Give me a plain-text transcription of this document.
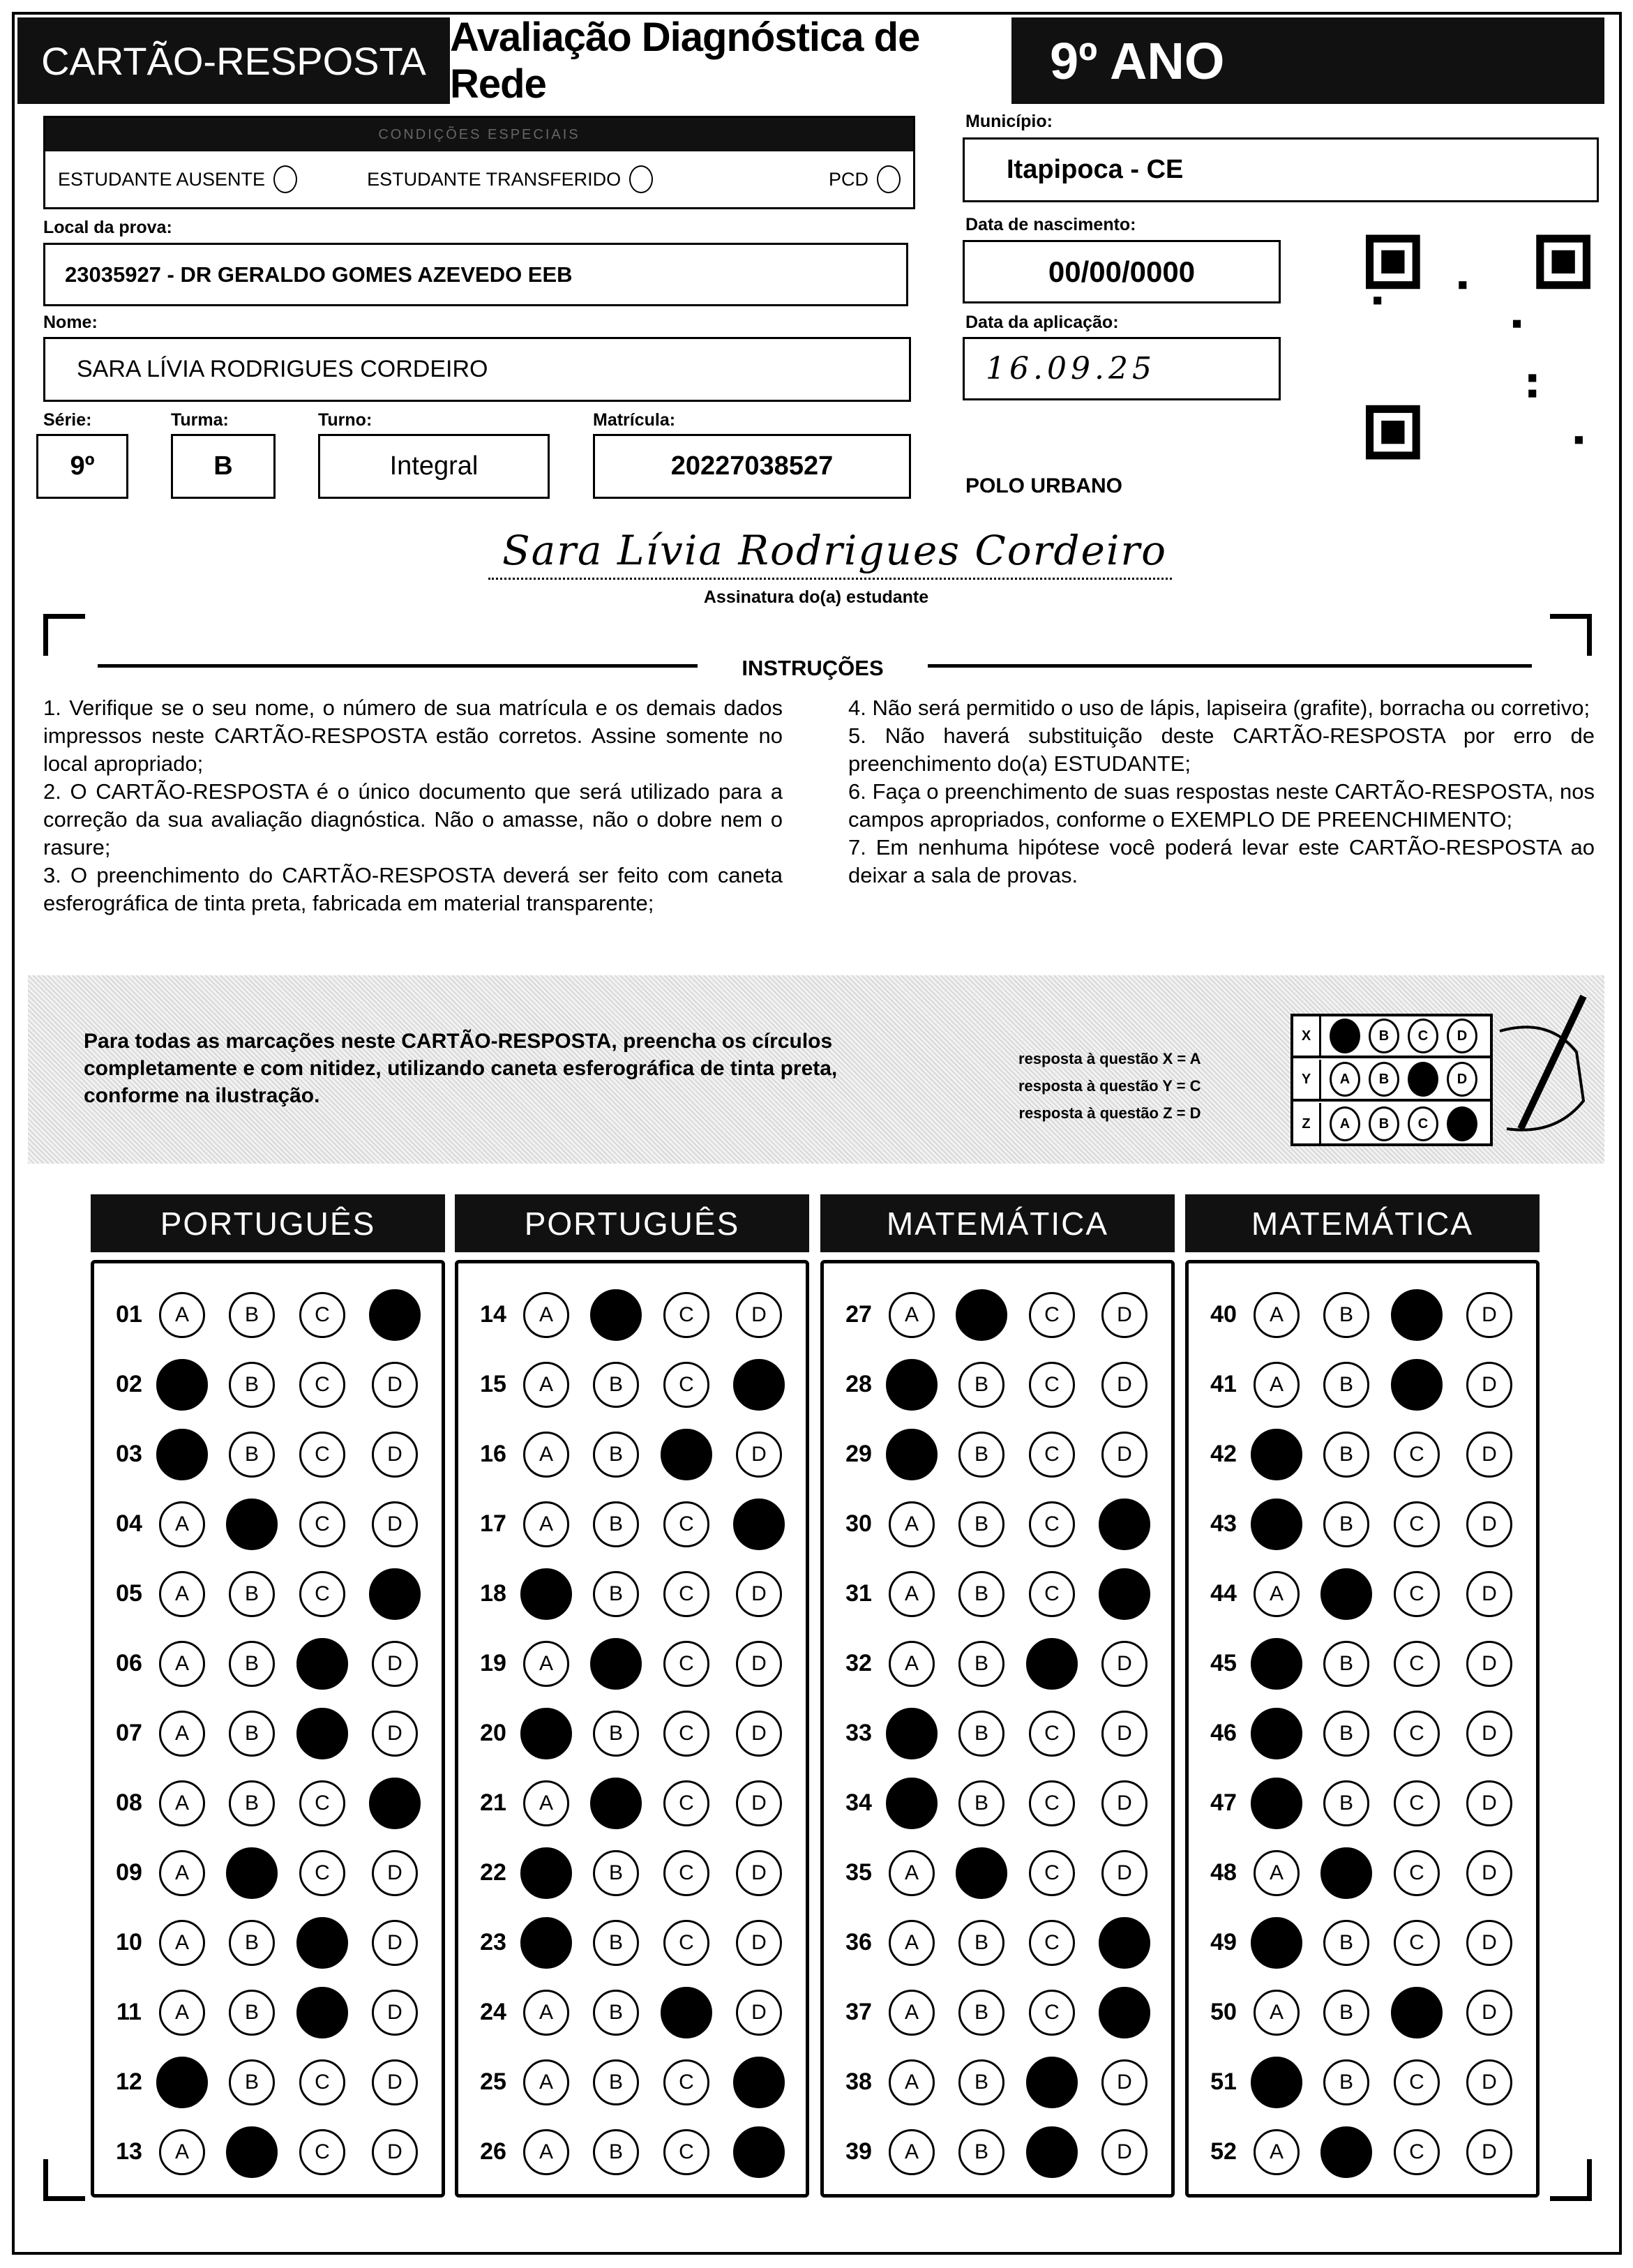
CARTÃO-RESPOSTA
Avaliação Diagnóstica de Rede	9º ANO
CONDIÇÕES ESPECIAIS
ESTUDANTE AUSENTE	ESTUDANTE TRANSFERIDO	PCD
Município:
Itapipoca - CE
Local da prova:
23035927 - DR GERALDO GOMES AZEVEDO EEB
Data de nascimento:
00/00/0000
Nome:
SARA LÍVIA RODRIGUES CORDEIRO
Data da aplicação:
16.09.25
Série:
9º
Turma:
B
Turno:
Integral
Matrícula:
20227038527
POLO URBANO
Sara Lívia Rodrigues Cordeiro
Assinatura do(a) estudante
INSTRUÇÕES

1. Verifique se o seu nome, o número de sua matrícula e os demais dados impressos neste CARTÃO-RESPOSTA estão corretos. Assine somente no local apropriado;

2. O CARTÃO-RESPOSTA é o único documento que será utilizado para a correção da sua avaliação diagnóstica. Não o amasse, não o dobre nem o rasure;

3. O preenchimento do CARTÃO-RESPOSTA deverá ser feito com caneta esferográfica de tinta preta, fabricada em material transparente;

4. Não será permitido o uso de lápis, lapiseira (grafite), borracha ou corretivo;

5. Não haverá substituição deste CARTÃO-RESPOSTA por erro de preenchimento do(a) ESTUDANTE;

6. Faça o preenchimento de suas respostas neste CARTÃO-RESPOSTA, nos campos apropriados, conforme o EXEMPLO DE PREENCHIMENTO;

7. Em nenhuma hipótese você poderá levar este CARTÃO-RESPOSTA ao deixar a sala de provas.

Para todas as marcações neste CARTÃO-RESPOSTA, preencha os círculos completamente e com nitidez, utilizando caneta esferográfica de tinta preta, conforme na ilustração.
resposta à questão X = A
resposta à questão Y = C
resposta à questão Z = D
X	A	B	C	D
Y	A	B	C	D
Z	A	B	C	D
PORTUGUÊS
01	A	B	C	D
02	A	B	C	D
03	A	B	C	D
04	A	B	C	D
05	A	B	C	D
06	A	B	C	D
07	A	B	C	D
08	A	B	C	D
09	A	B	C	D
10	A	B	C	D
11	A	B	C	D
12	A	B	C	D
13	A	B	C	D
PORTUGUÊS
14	A	B	C	D
15	A	B	C	D
16	A	B	C	D
17	A	B	C	D
18	A	B	C	D
19	A	B	C	D
20	A	B	C	D
21	A	B	C	D
22	A	B	C	D
23	A	B	C	D
24	A	B	C	D
25	A	B	C	D
26	A	B	C	D
MATEMÁTICA
27	A	B	C	D
28	A	B	C	D
29	A	B	C	D
30	A	B	C	D
31	A	B	C	D
32	A	B	C	D
33	A	B	C	D
34	A	B	C	D
35	A	B	C	D
36	A	B	C	D
37	A	B	C	D
38	A	B	C	D
39	A	B	C	D
MATEMÁTICA
40	A	B	C	D
41	A	B	C	D
42	A	B	C	D
43	A	B	C	D
44	A	B	C	D
45	A	B	C	D
46	A	B	C	D
47	A	B	C	D
48	A	B	C	D
49	A	B	C	D
50	A	B	C	D
51	A	B	C	D
52	A	B	C	D
